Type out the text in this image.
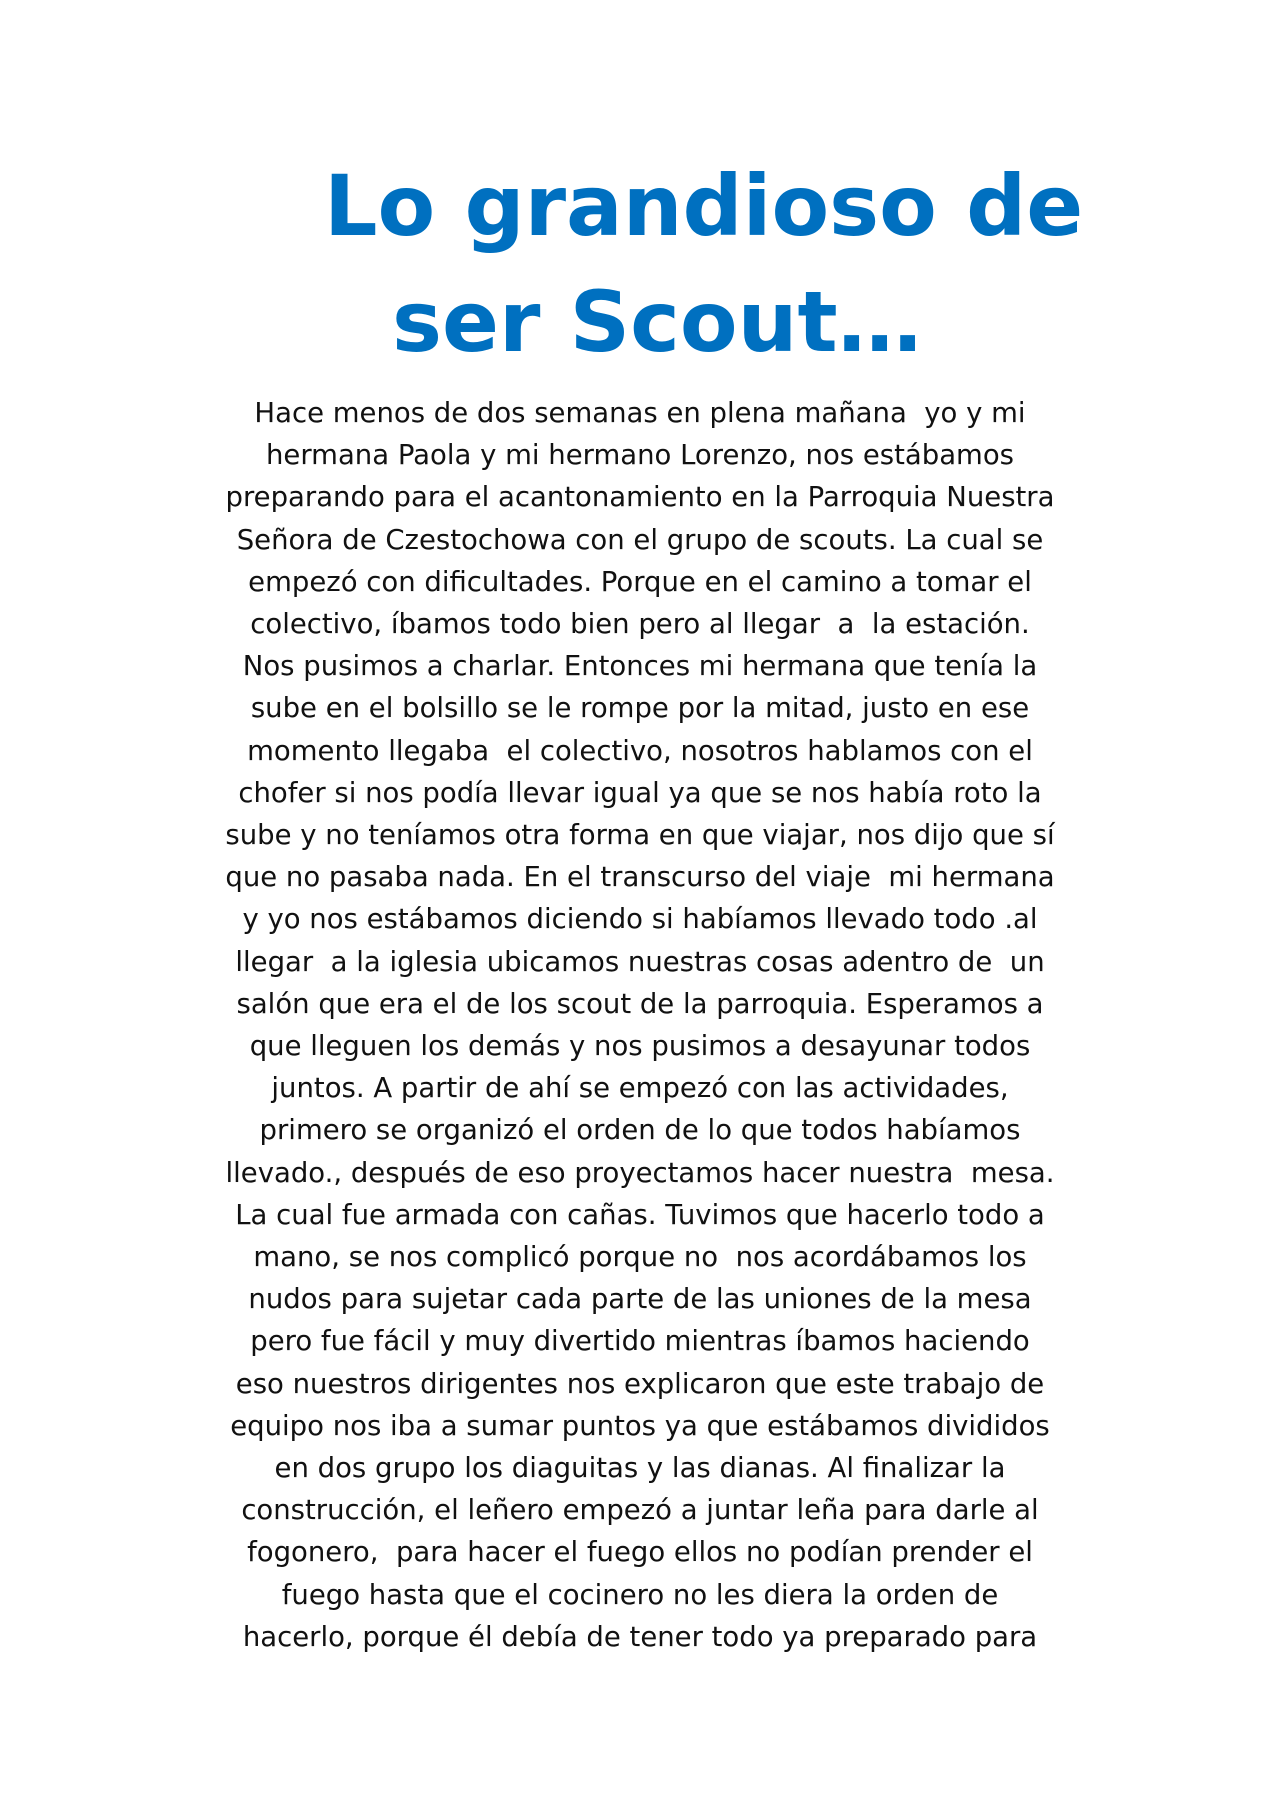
Lo grandioso de
ser Scout…
Hace menos de dos semanas en plena mañana  yo y mi
hermana Paola y mi hermano Lorenzo, nos estábamos
preparando para el acantonamiento en la Parroquia Nuestra
Señora de Czestochowa con el grupo de scouts. La cual se
empezó con dificultades. Porque en el camino a tomar el
colectivo, íbamos todo bien pero al llegar  a  la estación.
Nos pusimos a charlar. Entonces mi hermana que tenía la
sube en el bolsillo se le rompe por la mitad, justo en ese
momento llegaba  el colectivo, nosotros hablamos con el
chofer si nos podía llevar igual ya que se nos había roto la
sube y no teníamos otra forma en que viajar, nos dijo que sí
que no pasaba nada. En el transcurso del viaje  mi hermana
y yo nos estábamos diciendo si habíamos llevado todo .al
llegar  a la iglesia ubicamos nuestras cosas adentro de  un
salón que era el de los scout de la parroquia. Esperamos a
que lleguen los demás y nos pusimos a desayunar todos
juntos. A partir de ahí se empezó con las actividades,
primero se organizó el orden de lo que todos habíamos
llevado., después de eso proyectamos hacer nuestra  mesa.
La cual fue armada con cañas. Tuvimos que hacerlo todo a
mano, se nos complicó porque no  nos acordábamos los
nudos para sujetar cada parte de las uniones de la mesa
pero fue fácil y muy divertido mientras íbamos haciendo
eso nuestros dirigentes nos explicaron que este trabajo de
equipo nos iba a sumar puntos ya que estábamos divididos
en dos grupo los diaguitas y las dianas. Al finalizar la
construcción, el leñero empezó a juntar leña para darle al
fogonero,  para hacer el fuego ellos no podían prender el
fuego hasta que el cocinero no les diera la orden de
hacerlo, porque él debía de tener todo ya preparado para
